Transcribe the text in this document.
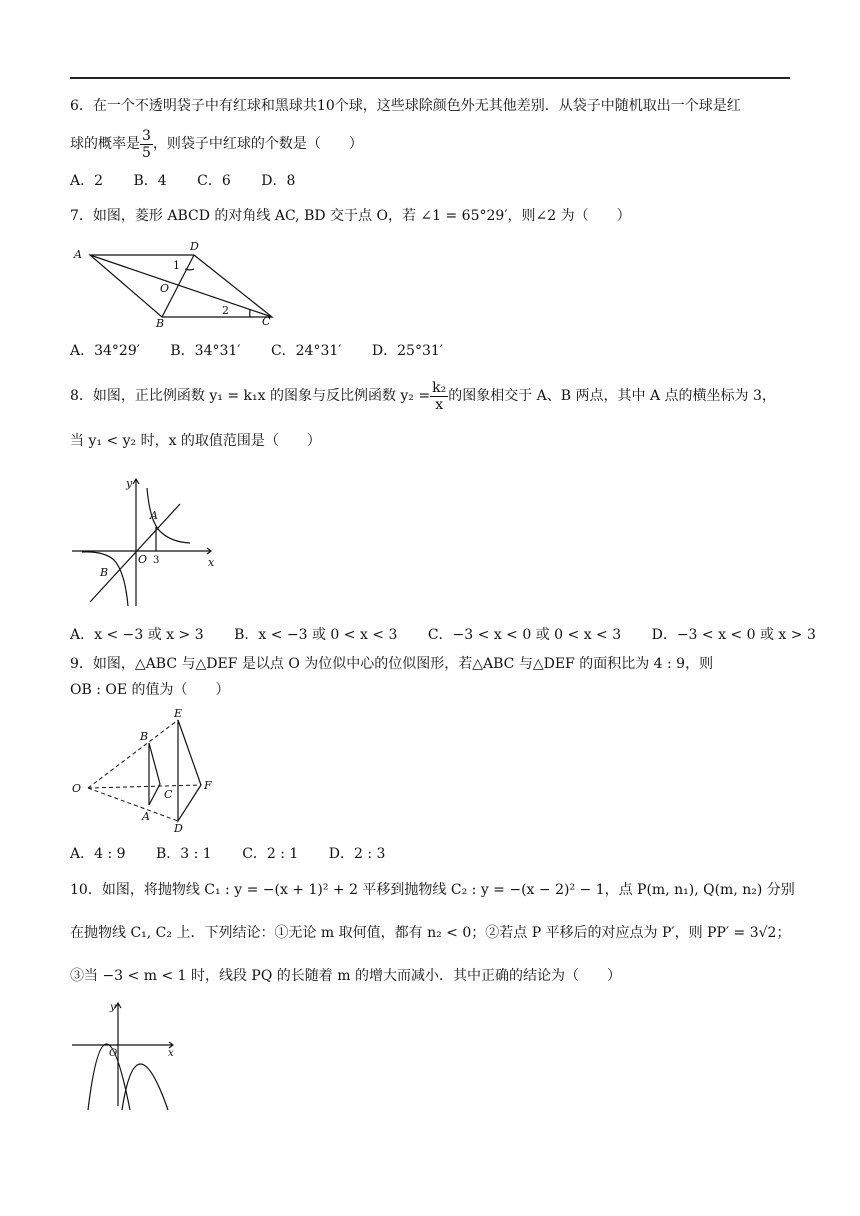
6．在一个不透明袋子中有红球和黑球共10个球，这些球除颜色外无其他差别．从袋子中随机取出一个球是红
球的概率是 $\frac{3}{5}$ ，则袋子中红球的个数是（　　）
A．2 B．4 C．6 D．8
7．如图，菱形 ABCD 的对角线 AC, BD 交于点 O，若 ∠1 = 65°29′，则∠2 为（　　）
A
D
B	C
O
1
2
A．34°29′ B．34°31′ C．24°31′ D．25°31′
8．如图，正比例函数 y₁ = k₁x 的图象与反比例函数 $y_2 = \frac{\text{k₂}}{x}$ 的图象相交于 A、B 两点，其中 A 点的横坐标为 3，
当 y₁ < y₂ 时，x 的取值范围是（　　）
y
x
A
B
O 3
A．x < −3 或 x > 3 B．x < −3 或 0 < x < 3 C．−3 < x < 0 或 0 < x < 3 D．−3 < x < 0 或 x > 3
9．如图，△ABC 与△DEF 是以点 O 为位似中心的位似图形，若△ABC 与△DEF 的面积比为 4 : 9，则
OB : OE 的值为（　　）
O
B
C
A
E
F
D
A．4 : 9 B．3 : 1 C．2 : 1 D．2 : 3
10．如图，将抛物线 C₁ : y = −(x + 1)² + 2 平移到抛物线 C₂ : y = −(x − 2)² − 1，点 P(m, n₁), Q(m, n₂) 分别
在抛物线 C₁, C₂ 上．下列结论：①无论 m 取何值，都有 n₂ < 0；②若点 P 平移后的对应点为 P′，则 PP′ = 3√2；
③当 −3 < m < 1 时，线段 PQ 的长随着 m 的增大而减小．其中正确的结论为（　　）
y
x
O
